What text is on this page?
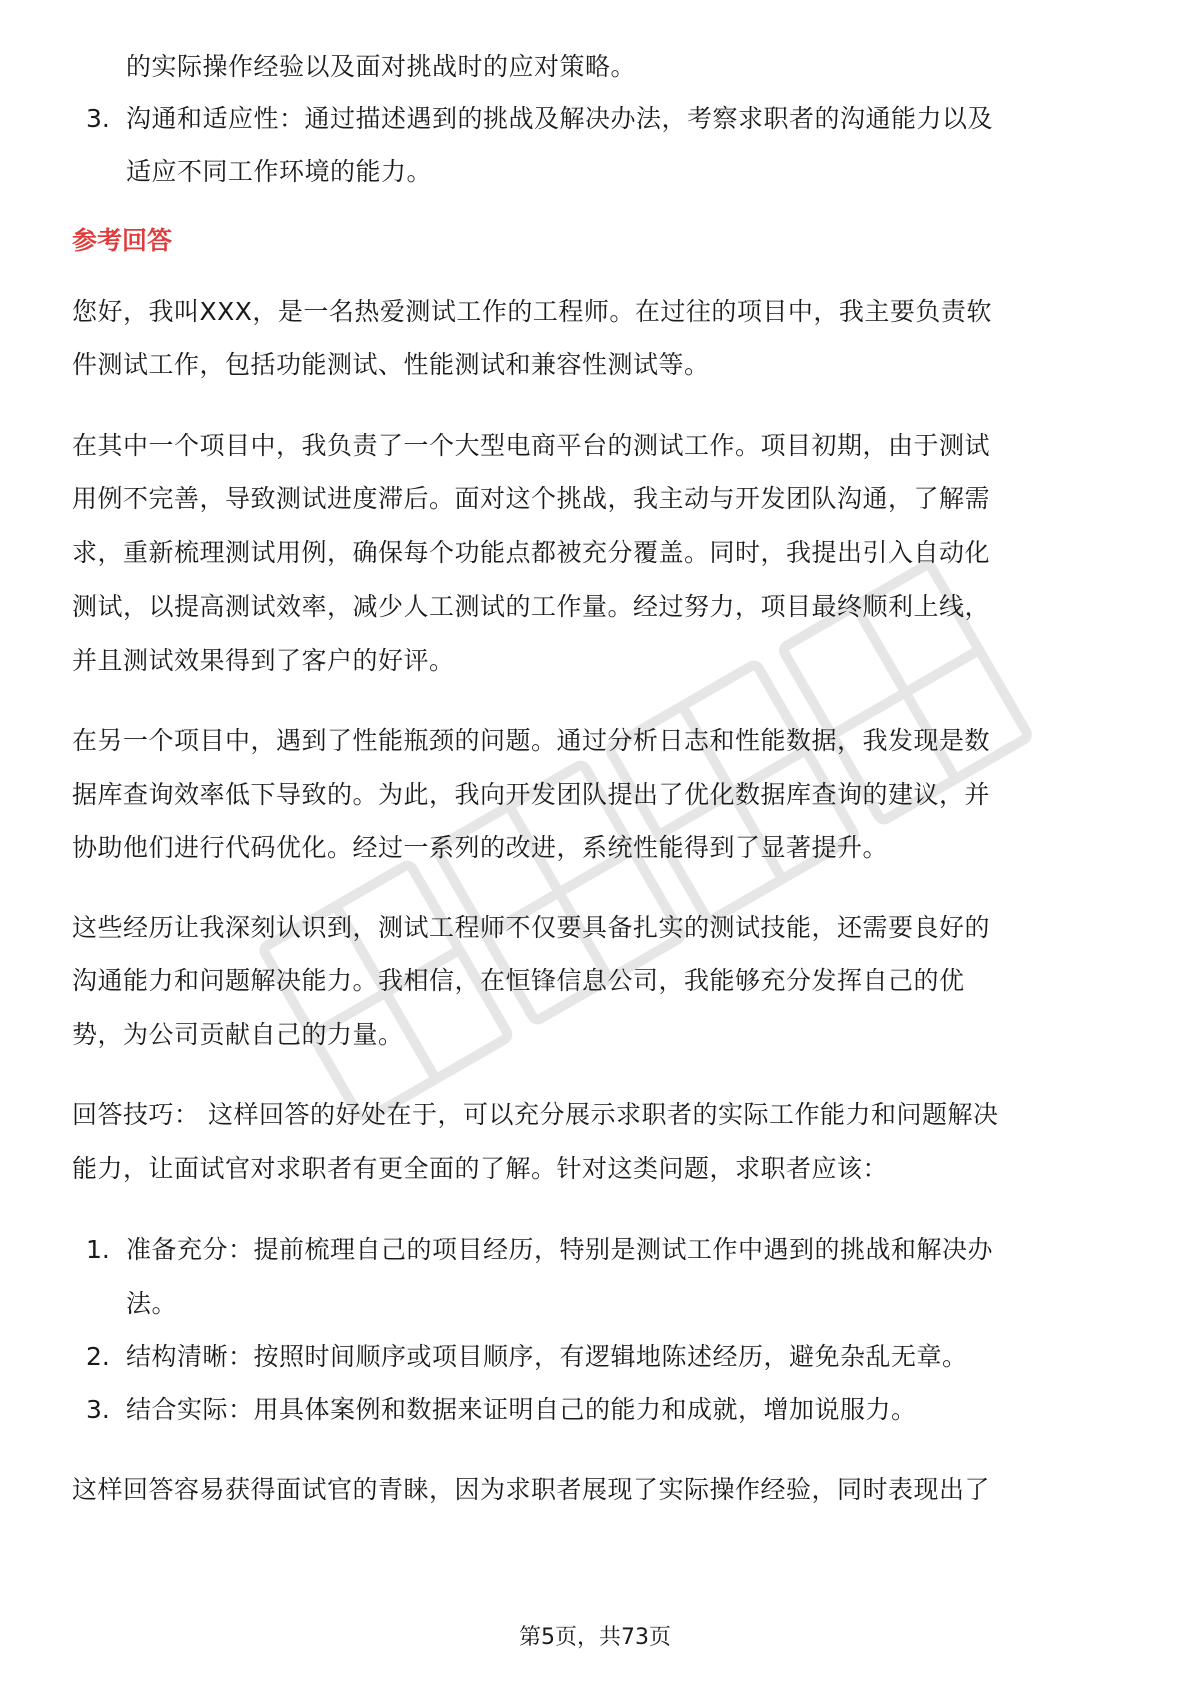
的实际操作经验以及面对挑战时的应对策略。
3. 沟通和适应性：通过描述遇到的挑战及解决办法，考察求职者的沟通能力以及
适应不同工作环境的能力。
参考回答
您好，我叫XXX，是一名热爱测试工作的工程师。在过往的项目中，我主要负责软
件测试工作，包括功能测试、性能测试和兼容性测试等。
在其中一个项目中，我负责了一个大型电商平台的测试工作。项目初期，由于测试
用例不完善，导致测试进度滞后。面对这个挑战，我主动与开发团队沟通，了解需
求，重新梳理测试用例，确保每个功能点都被充分覆盖。同时，我提出引入自动化
测试，以提高测试效率，减少人工测试的工作量。经过努力，项目最终顺利上线，
并且测试效果得到了客户的好评。
在另一个项目中，遇到了性能瓶颈的问题。通过分析日志和性能数据，我发现是数
据库查询效率低下导致的。为此，我向开发团队提出了优化数据库查询的建议，并
协助他们进行代码优化。经过一系列的改进，系统性能得到了显著提升。
这些经历让我深刻认识到，测试工程师不仅要具备扎实的测试技能，还需要良好的
沟通能力和问题解决能力。我相信，在恒锋信息公司，我能够充分发挥自己的优
势，为公司贡献自己的力量。
回答技巧： 这样回答的好处在于，可以充分展示求职者的实际工作能力和问题解决
能力，让面试官对求职者有更全面的了解。针对这类问题，求职者应该：
1. 准备充分：提前梳理自己的项目经历，特别是测试工作中遇到的挑战和解决办
法。
2. 结构清晰：按照时间顺序或项目顺序，有逻辑地陈述经历，避免杂乱无章。
3. 结合实际：用具体案例和数据来证明自己的能力和成就，增加说服力。
这样回答容易获得面试官的青睐，因为求职者展现了实际操作经验，同时表现出了
第5页，共73页
